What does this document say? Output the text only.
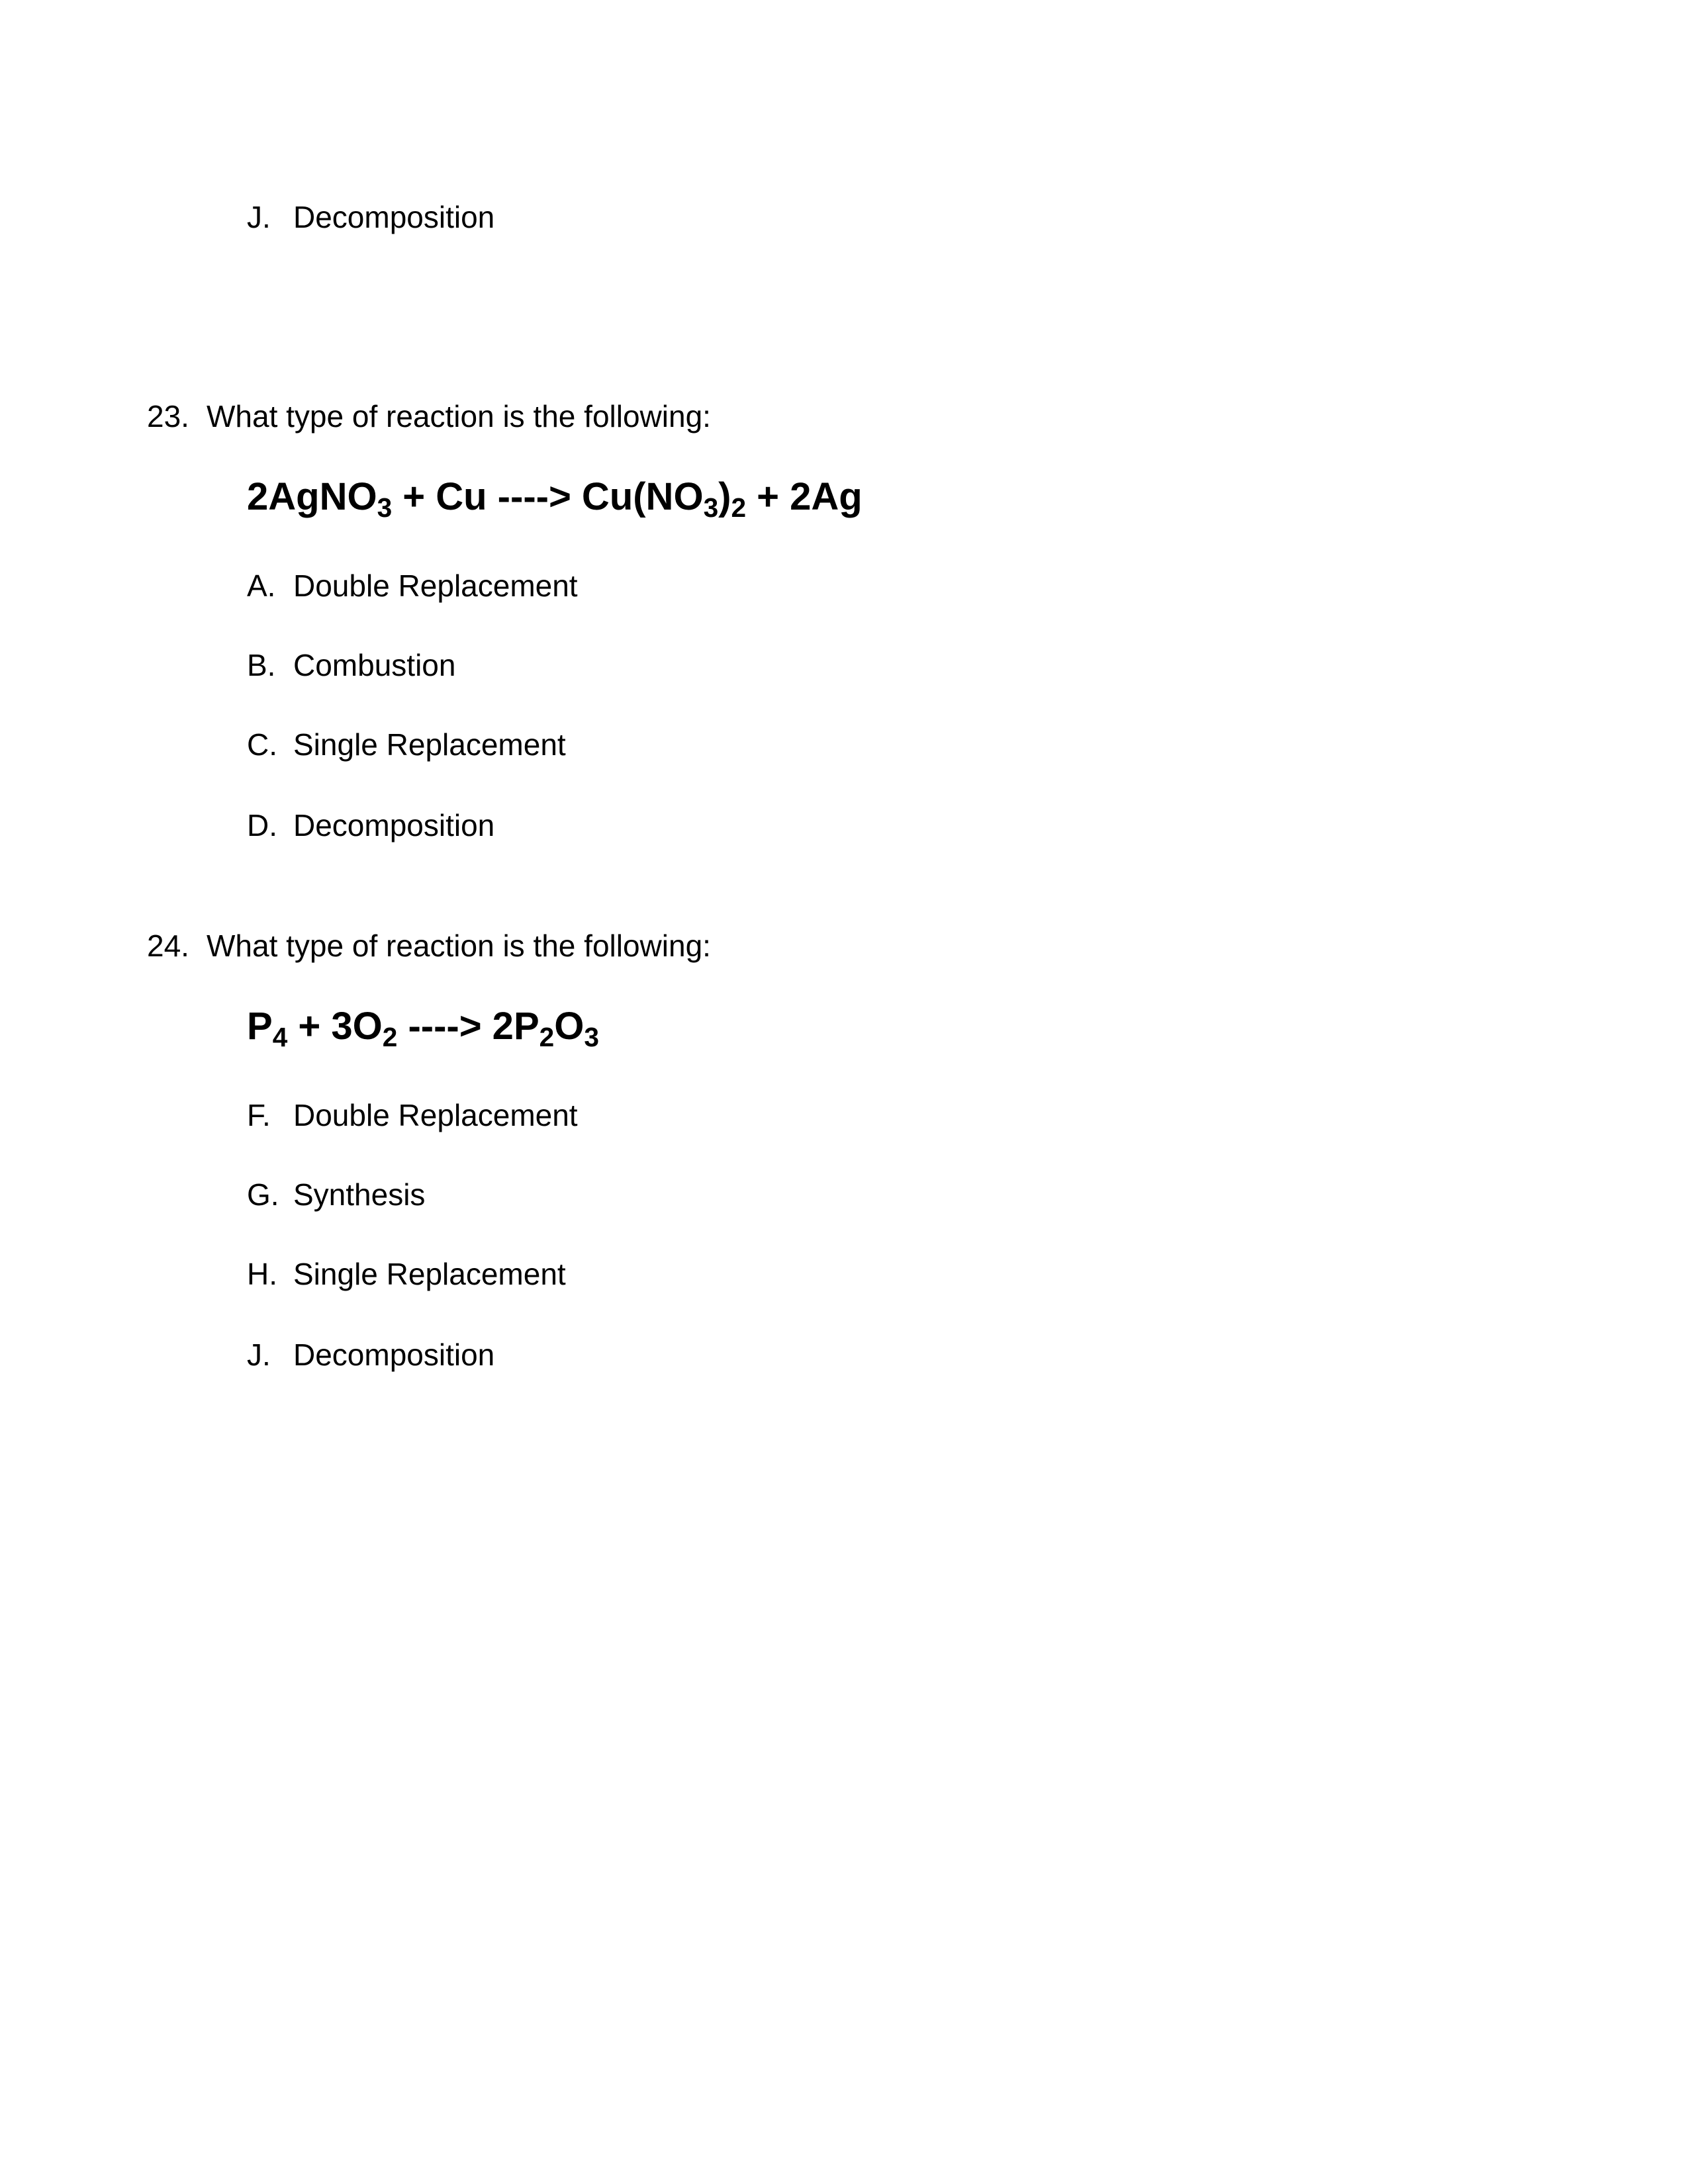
J. Decomposition
23. What type of reaction is the following:
2AgNO3 + Cu ----> Cu(NO3)2 + 2Ag
A. Double Replacement
B. Combustion
C. Single Replacement
D. Decomposition
24. What type of reaction is the following:
P4 + 3O2 ----> 2P2O3
F. Double Replacement
G. Synthesis
H. Single Replacement
J. Decomposition
